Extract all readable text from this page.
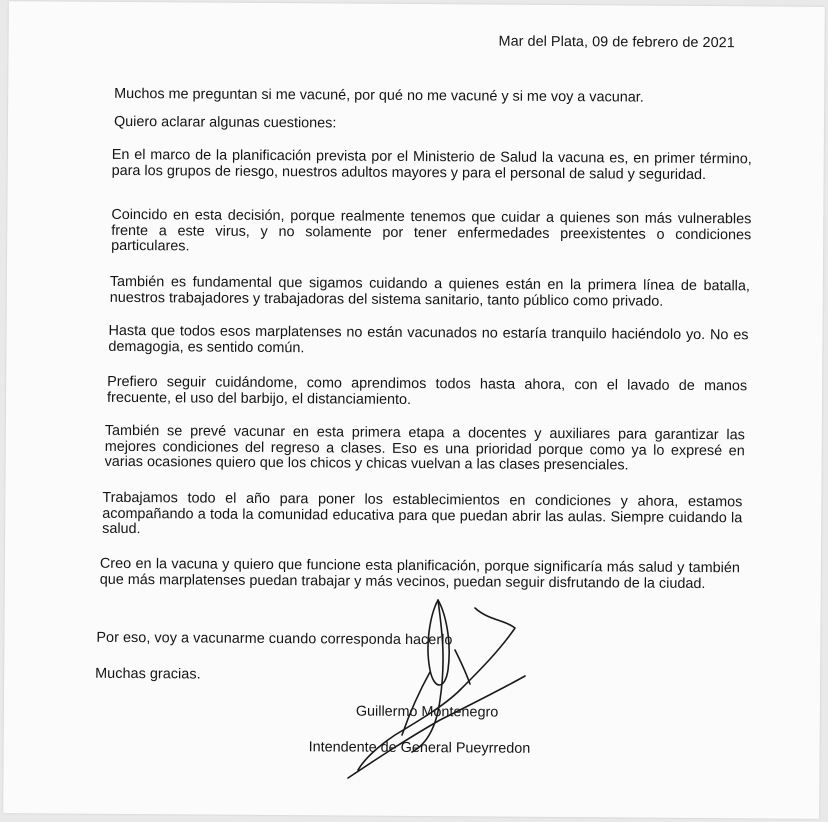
Mar del Plata, 09 de febrero de 2021
Muchos me preguntan si me vacuné, por qué no me vacuné y si me voy a vacunar.
Quiero aclarar algunas cuestiones:
En el marco de la planificación prevista por el Ministerio de Salud la vacuna es, en primer término, para los grupos de riesgo, nuestros adultos mayores y para el personal de salud y seguridad.
Coincido en esta decisión, porque realmente tenemos que cuidar a quienes son más vulnerables frente a este virus, y no solamente por tener enfermedades preexistentes o condiciones particulares.
También es fundamental que sigamos cuidando a quienes están en la primera línea de batalla, nuestros trabajadores y trabajadoras del sistema sanitario, tanto público como privado.
Hasta que todos esos marplatenses no están vacunados no estaría tranquilo haciéndolo yo. No es demagogia, es sentido común.
Prefiero seguir cuidándome, como aprendimos todos hasta ahora, con el lavado de manos frecuente, el uso del barbijo, el distanciamiento.
También se prevé vacunar en esta primera etapa a docentes y auxiliares para garantizar las mejores condiciones del regreso a clases. Eso es una prioridad porque como ya lo expresé en varias ocasiones quiero que los chicos y chicas vuelvan a las clases presenciales.
Trabajamos todo el año para poner los establecimientos en condiciones y ahora, estamos acompañando a toda la comunidad educativa para que puedan abrir las aulas. Siempre cuidando la salud.
Creo en la vacuna y quiero que funcione esta planificación, porque significaría más salud y también que más marplatenses puedan trabajar y más vecinos, puedan seguir disfrutando de la ciudad.
Por eso, voy a vacunarme cuando corresponda hacerlo
Muchas gracias.
Guillermo Montenegro
Intendente de General Pueyrredon
